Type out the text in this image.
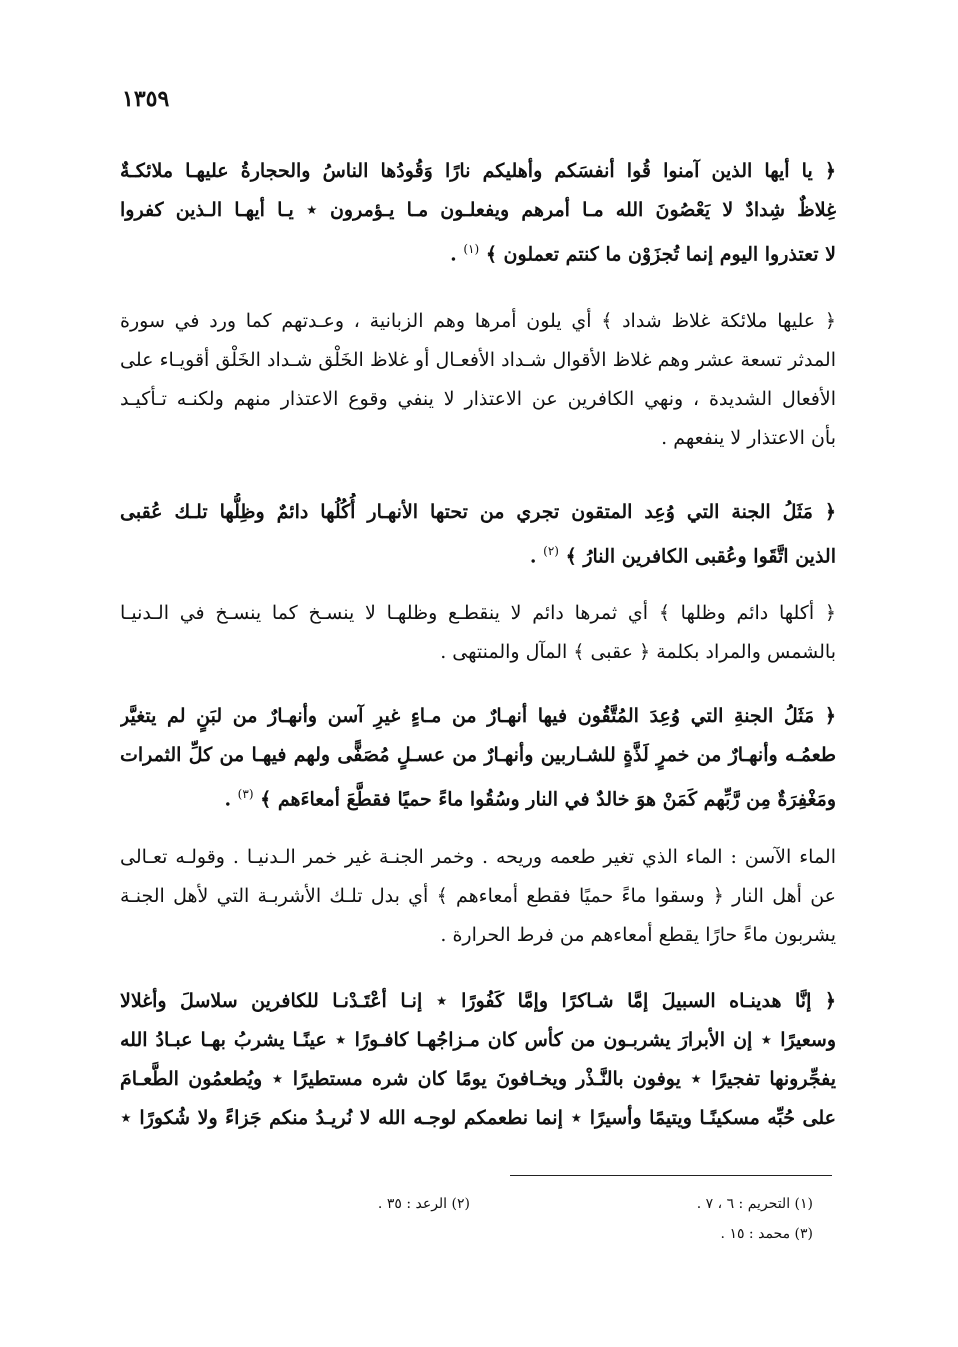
١٣٥٩
﴿ يا أيها الذين آمنوا قُوا أنفسَكم وأهليكم نارًا وَقُودُها الناسُ والحجارةُ عليهـا ملائكـةٌ
غِلاظٌ شِدادٌ لا يَعْصُونَ الله مـا أمرهم ويفعلـون مـا يـؤمرون ⋆ يـا أيهـا الـذين كفروا
لا تعتذروا اليوم إنما تُجزَوْن ما كنتم تعملون ﴾ $^{(١)}$ .
﴿ عليها ملائكة غلاظ شداد ﴾ أي يلون أمرها وهم الزبانية ، وعـدتهم كما ورد في سورة
المدثر تسعة عشر وهم غلاظ الأقوال شـداد الأفعـال أو غلاظ الخَلْق شـداد الخَلْق أقويـاء على
الأفعال الشديدة ، ونهي الكافرين عن الاعتذار لا ينفي وقوع الاعتذار منهم ولكنـه تـأكيـد
بأن الاعتذار لا ينفعهم .
﴿ مَثَلُ الجنة التي وُعِد المتقون تجري من تحتها الأنهـار أُكُلُها دائمٌ وظِلُّها تلـك عُقبى
الذين اتَّقَوا وعُقبى الكافرين النارُ ﴾ $^{(٢)}$ .
﴿ أكلها دائم وظلها ﴾ أي ثمرها دائم لا ينقطـع وظلهـا لا ينسـخ كما ينسـخ في الـدنيـا
بالشمس والمراد بكلمة ﴿ عقبى ﴾ المآل والمنتهى .
﴿ مَثَلُ الجنةِ التي وُعِدَ المُتَّقُون فيها أنهـارٌ من مـاءٍ غيرِ آسن وأنهـارٌ من لبَنٍ لم يتغيَّر
طعمُـه وأنهـارٌ من خمرٍ لَذَّةٍ للشـاربين وأنهـارٌ من عسـلٍ مُصَفًّى ولهم فيهـا من كلِّ الثمرات
ومَغْفِرَةٌ مِن رَّبِّهم كَمَنْ هوَ خالدٌ في النار وسُقُوا ماءً حميًا فقطَّعَ أمعاءَهم ﴾ $^{(٣)}$ .
الماء الآسن : الماء الذي تغير طعمه وريحه . وخمر الجنـة غير خمر الـدنيـا . وقولـه تعـالى
عن أهل النار ﴿ وسقوا ماءً حميًا فقطع أمعاءهم ﴾ أي بدل تلـك الأشربـة التي لأهل الجنـة
يشربون ماءً حارًا يقطع أمعاءهم من فرط الحرارة .
﴿ إنَّا هدينـاه السبيلَ إمَّا شـاكرًا وإمَّا كَفُورًا ⋆ إنـا أعْتَـدْنـا للكافرين سلاسلَ وأغلالا
وسعيرًا ⋆ إن الأبرارَ يشربـون من كأس كان مـزاجُهـا كافـورًا ⋆ عينًـا يشربُ بهـا عبـادُ الله
يفجِّرونها تفجيرًا ⋆ يوفون بالنَّـذْر ويخـافونَ يومًا كان شره مستطيرًا ⋆ ويُطعمُون الطَّعـامَ
على حُبِّه مسكينًـا ويتيمًا وأسيرًا ⋆ إنما نطعمكم لوجـه الله لا نُريـدُ منكم جَزاءً ولا شُكورًا ⋆
(١) التحريم : ٦ ، ٧ .
(٢) الرعد : ٣٥ .
(٣) محمد : ١٥ .
